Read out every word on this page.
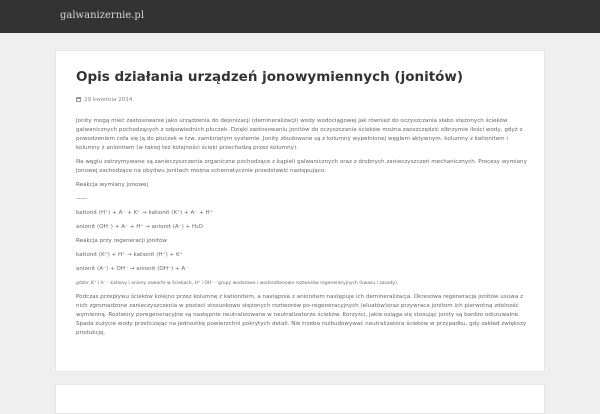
galwanizernie.pl
Opis działania urządzeń jonowymiennych (jonitów)
29 kwietnia 2014

Jonity mogą mieć zastosowanie jako urządzenia do dejonizacji (demineralizacji) wody wodociągowej jak również do oczyszczania słabo stężonych ścieków galwanicznych pochodzących z odpowiednich płuczek. Dzięki zastosowaniu jonitów do oczyszczania ścieków można zaoszczędzić olbrzymie ilości wody, gdyż z powodzeniem cofa się ją do płuczek w tzw. zamkniętym systemie. Jonity zbudowane są z kolumny wypełnionej węglem aktywnym, kolumny z kationitem i kolumny z anionitem (w takiej też kolejności ścieki przechodzą przez kolumny).

Na węglu zatrzymywane są zanieczyszczenia organiczne pochodzące z kąpieli galwanicznych oraz z drobnych zanieczyszczeń mechanicznych. Procesy wymiany jonowej zachodzące na obydwu jonitach można schematycznie przedstawić następująco:

Reakcja wymiany jonowej

——

kationit (H⁺) + A⁻ + K⁺ → kationit (K⁺) + A⁻ + H⁺

anionit (OH⁻) + A⁻ + H⁺ → anionit (A⁻) + H₂O

Reakcja przy regeneracji jonitów

kationit (K⁺) + H⁺ → kationit (H⁺) + K⁺

anionit (A⁻) + OH⁻ → anionit (OH⁻) + A⁻

gdzie: K⁺ i A⁻ - kationy i aniony zawarte w ściekach, H⁺ i OH⁻ - grupy wodorowe i wodorotlenowe roztworów regeneracyjnych (kwasu i zasady).

Podczas przepływu ścieków kolejno przez kolumnę z kationitem, a następnie z anionitem następuje ich demineralizacja. Okresowa regeneracja jonitów usuwa z nich zgromadzone zanieczyszczenia w postaci stosunkowo stężonych roztworów po-regeneracyjnych (eluatów)oraz przywraca jonitom ich pierwotną zdolność wymienną. Roztwory poregeneracyjne są następnie neutralizowane w neutralizatorze ścieków. Korzyści, jakie osiąga się stosując jonity są bardzo odczuwalne. Spada zużycie wody przeliczając na jednostkę powierzchni pokrytych detali. Nie trzeba rozbudowywać neutralizatora ścieków w przypadku, gdy zakład zwiększy produkcję.
